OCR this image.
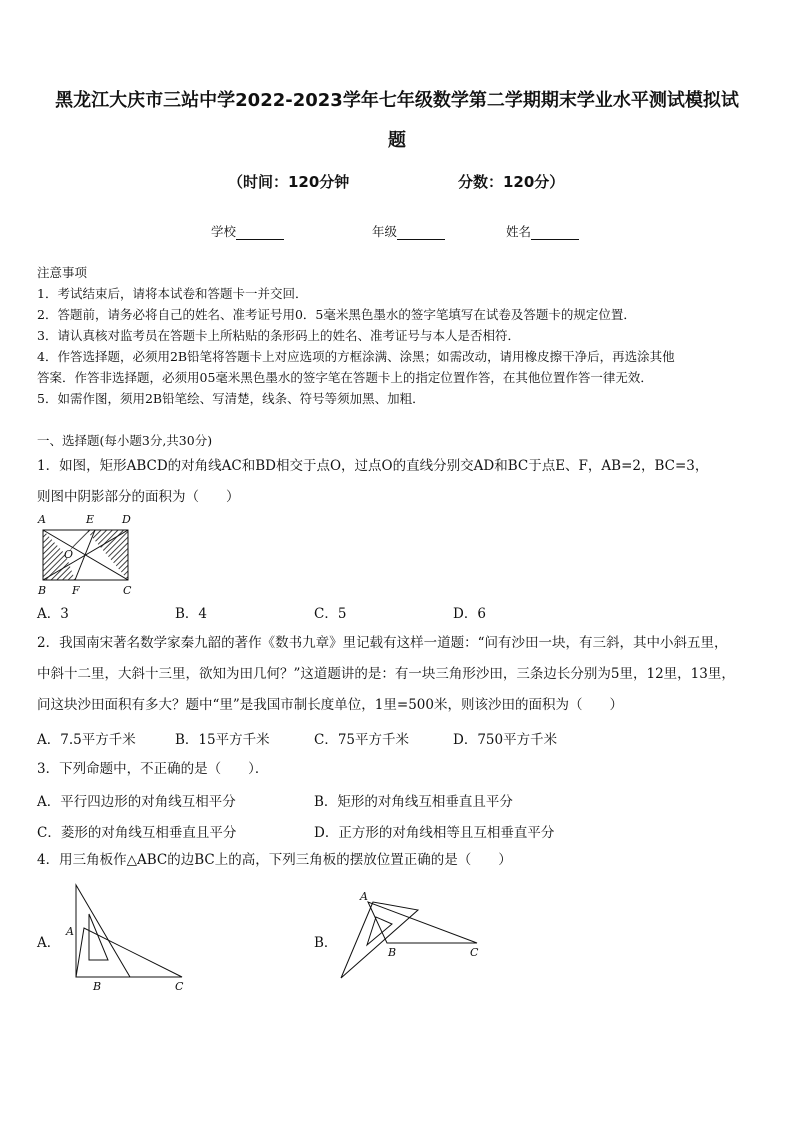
黑龙江大庆市三站中学2022-2023学年七年级数学第二学期期末学业水平测试模拟试
题
（时间：120分钟	分数：120分）
学校	年级	姓名
注意事项
1．考试结束后，请将本试卷和答题卡一并交回．
2．答题前，请务必将自己的姓名、准考证号用0．5毫米黑色墨水的签字笔填写在试卷及答题卡的规定位置．
3．请认真核对监考员在答题卡上所粘贴的条形码上的姓名、准考证号与本人是否相符．
4．作答选择题，必须用2B铅笔将答题卡上对应选项的方框涂满、涂黑；如需改动，请用橡皮擦干净后，再选涂其他
答案．作答非选择题，必须用05毫米黑色墨水的签字笔在答题卡上的指定位置作答，在其他位置作答一律无效．
5．如需作图，须用2B铅笔绘、写清楚，线条、符号等须加黑、加粗．
一、选择题(每小题3分,共30分)
1．如图，矩形ABCD的对角线AC和BD相交于点O，过点O的直线分别交AD和BC于点E、F，AB=2，BC=3，
则图中阴影部分的面积为（　　）
A	E	D
O
B F	C
A．3	B．4	C．5	D．6
2．我国南宋著名数学家秦九韶的著作《数书九章》里记载有这样一道题：“问有沙田一块，有三斜，其中小斜五里，
中斜十二里，大斜十三里，欲知为田几何？”这道题讲的是：有一块三角形沙田，三条边长分别为5里，12里，13里，
问这块沙田面积有多大？题中“里”是我国市制长度单位，1里=500米，则该沙田的面积为（　　）
A．7.5平方千米	B．15平方千米	C．75平方千米	D．750平方千米
3．下列命题中，不正确的是（　　）．
A．平行四边形的对角线互相平分	B．矩形的对角线互相垂直且平分
C．菱形的对角线互相垂直且平分	D．正方形的对角线相等且互相垂直平分
4．用三角板作△ABC的边BC上的高，下列三角板的摆放位置正确的是（　　）
A．
A
B	C
B．
A
B	C
